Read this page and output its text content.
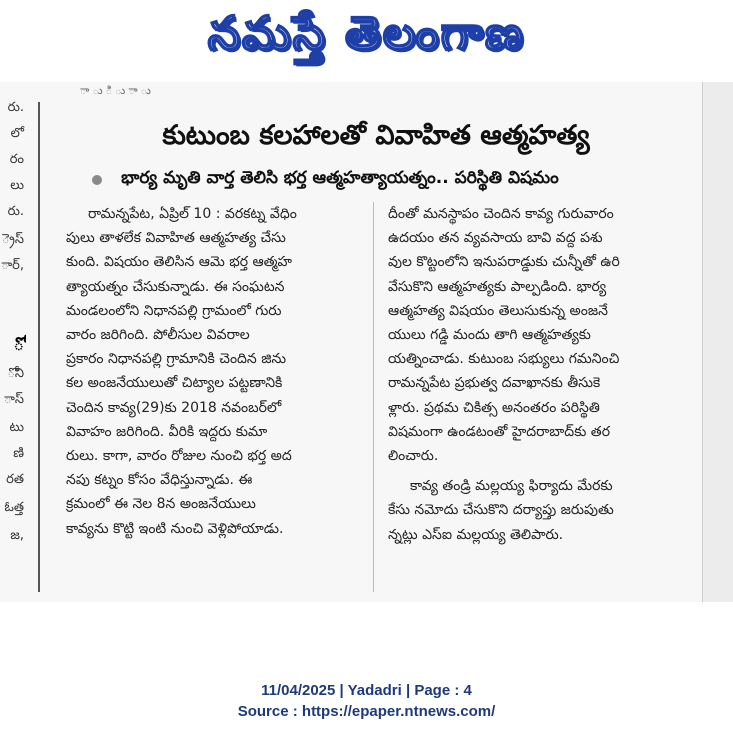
నమస్తే తెలంగాణ
రు.
లో
రం
లు
రు.
్రెస్
ార్,
ో
ోని
ాస్
టు
ణి
రత
ఓత్త
జ,
ా ు ి ు ా ు
కుటుంబ కలహాలతో వివాహిత ఆత్మహత్య
భార్య మృతి వార్త తెలిసి భర్త ఆత్మహత్యాయత్నం.. పరిస్థితి విషమం
రామన్నపేట, ఏప్రిల్ 10 : వరకట్న వేధిం
పులు తాళలేక వివాహిత ఆత్మహత్య చేసు
కుంది. విషయం తెలిసిన ఆమె భర్త ఆత్మహ
త్యాయత్నం చేసుకున్నాడు. ఈ సంఘటన
మండలంలోని నిధానపల్లి గ్రామంలో గురు
వారం జరిగింది. పోలీసుల వివరాల
ప్రకారం నిధానపల్లి గ్రామానికి చెందిన జిను
కల అంజనేయులుతో చిట్యాల పట్టణానికి
చెందిన కావ్య(29)కు 2018 నవంబర్‌లో
వివాహం జరిగింది. వీరికి ఇద్దరు కుమా
రులు. కాగా, వారం రోజుల నుంచి భర్త అద
నపు కట్నం కోసం వేధిస్తున్నాడు. ఈ
క్రమంలో ఈ నెల 8న అంజనేయులు
కావ్యను కొట్టి ఇంటి నుంచి వెళ్లిపోయాడు.
దీంతో మనస్థాపం చెందిన కావ్య గురువారం
ఉదయం తన వ్యవసాయ బావి వద్ద పశు
వుల కొట్టంలోని ఇనుపరాడ్డుకు చున్నీతో ఉరి
వేసుకొని ఆత్మహత్యకు పాల్పడింది. భార్య
ఆత్మహత్య విషయం తెలుసుకున్న అంజనే
యులు గడ్డి మందు తాగి ఆత్మహత్యకు
యత్నించాడు. కుటుంబ సభ్యులు గమనించి
రామన్నపేట ప్రభుత్వ దవాఖానకు తీసుకె
ళ్లారు. ప్రథమ చికిత్స అనంతరం పరిస్థితి
విషమంగా ఉండటంతో హైదరాబాద్‌కు తర
లించారు.
కావ్య తండ్రి మల్లయ్య ఫిర్యాదు మేరకు
కేసు నమోదు చేసుకొని దర్యాప్తు జరుపుతు
న్నట్లు ఎస్ఐ మల్లయ్య తెలిపారు.
11/04/2025 | Yadadri | Page : 4
Source : https://epaper.ntnews.com/
